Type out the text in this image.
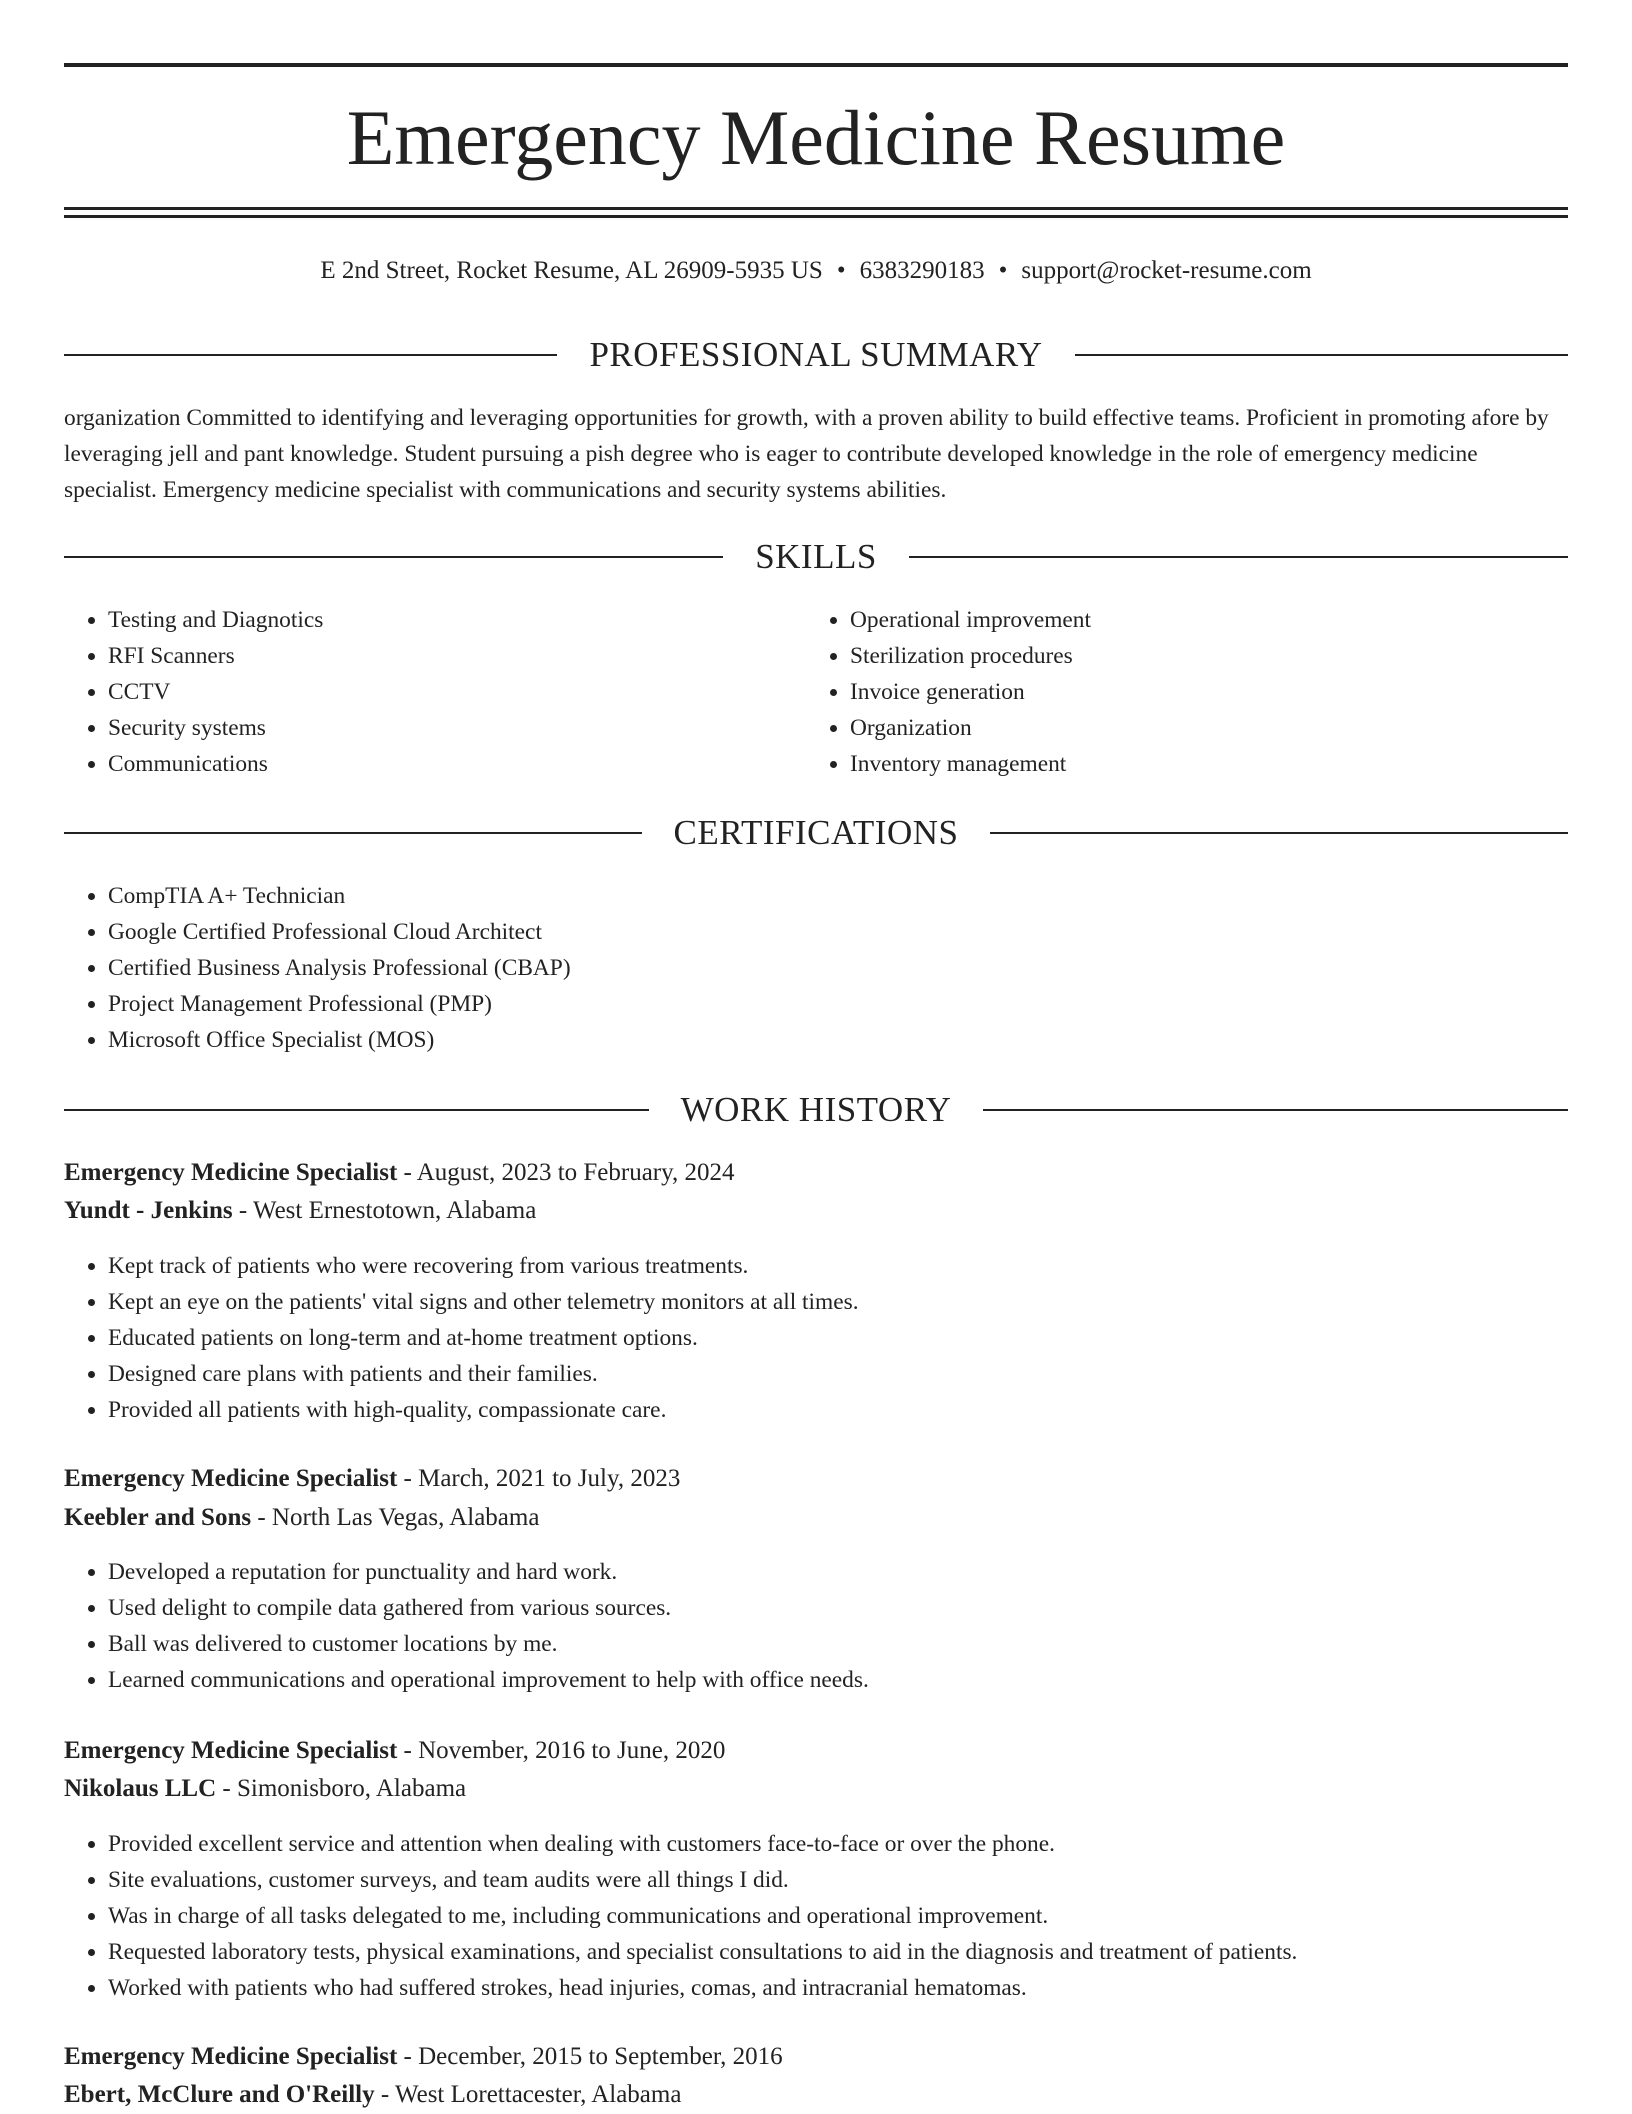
Emergency Medicine Resume
E 2nd Street, Rocket Resume, AL 26909-5935 US • 6383290183 • support@rocket-resume.com
PROFESSIONAL SUMMARY

organization Committed to identifying and leveraging opportunities for growth, with a proven ability to build effective teams. Proficient in promoting afore by leveraging jell and pant knowledge. Student pursuing a pish degree who is eager to contribute developed knowledge in the role of emergency medicine specialist. Emergency medicine specialist with communications and security systems abilities.

SKILLS
• Testing and Diagnotics
• RFI Scanners
• CCTV
• Security systems
• Communications
• Operational improvement
• Sterilization procedures
• Invoice generation
• Organization
• Inventory management
CERTIFICATIONS
• CompTIA A+ Technician
• Google Certified Professional Cloud Architect
• Certified Business Analysis Professional (CBAP)
• Project Management Professional (PMP)
• Microsoft Office Specialist (MOS)
WORK HISTORY
Emergency Medicine Specialist - August, 2023 to February, 2024
Yundt - Jenkins - West Ernestotown, Alabama
• Kept track of patients who were recovering from various treatments.
• Kept an eye on the patients' vital signs and other telemetry monitors at all times.
• Educated patients on long-term and at-home treatment options.
• Designed care plans with patients and their families.
• Provided all patients with high-quality, compassionate care.
Emergency Medicine Specialist - March, 2021 to July, 2023
Keebler and Sons - North Las Vegas, Alabama
• Developed a reputation for punctuality and hard work.
• Used delight to compile data gathered from various sources.
• Ball was delivered to customer locations by me.
• Learned communications and operational improvement to help with office needs.
Emergency Medicine Specialist - November, 2016 to June, 2020
Nikolaus LLC - Simonisboro, Alabama
• Provided excellent service and attention when dealing with customers face-to-face or over the phone.
• Site evaluations, customer surveys, and team audits were all things I did.
• Was in charge of all tasks delegated to me, including communications and operational improvement.
• Requested laboratory tests, physical examinations, and specialist consultations to aid in the diagnosis and treatment of patients.
• Worked with patients who had suffered strokes, head injuries, comas, and intracranial hematomas.
Emergency Medicine Specialist - December, 2015 to September, 2016
Ebert, McClure and O'Reilly - West Lorettacester, Alabama
